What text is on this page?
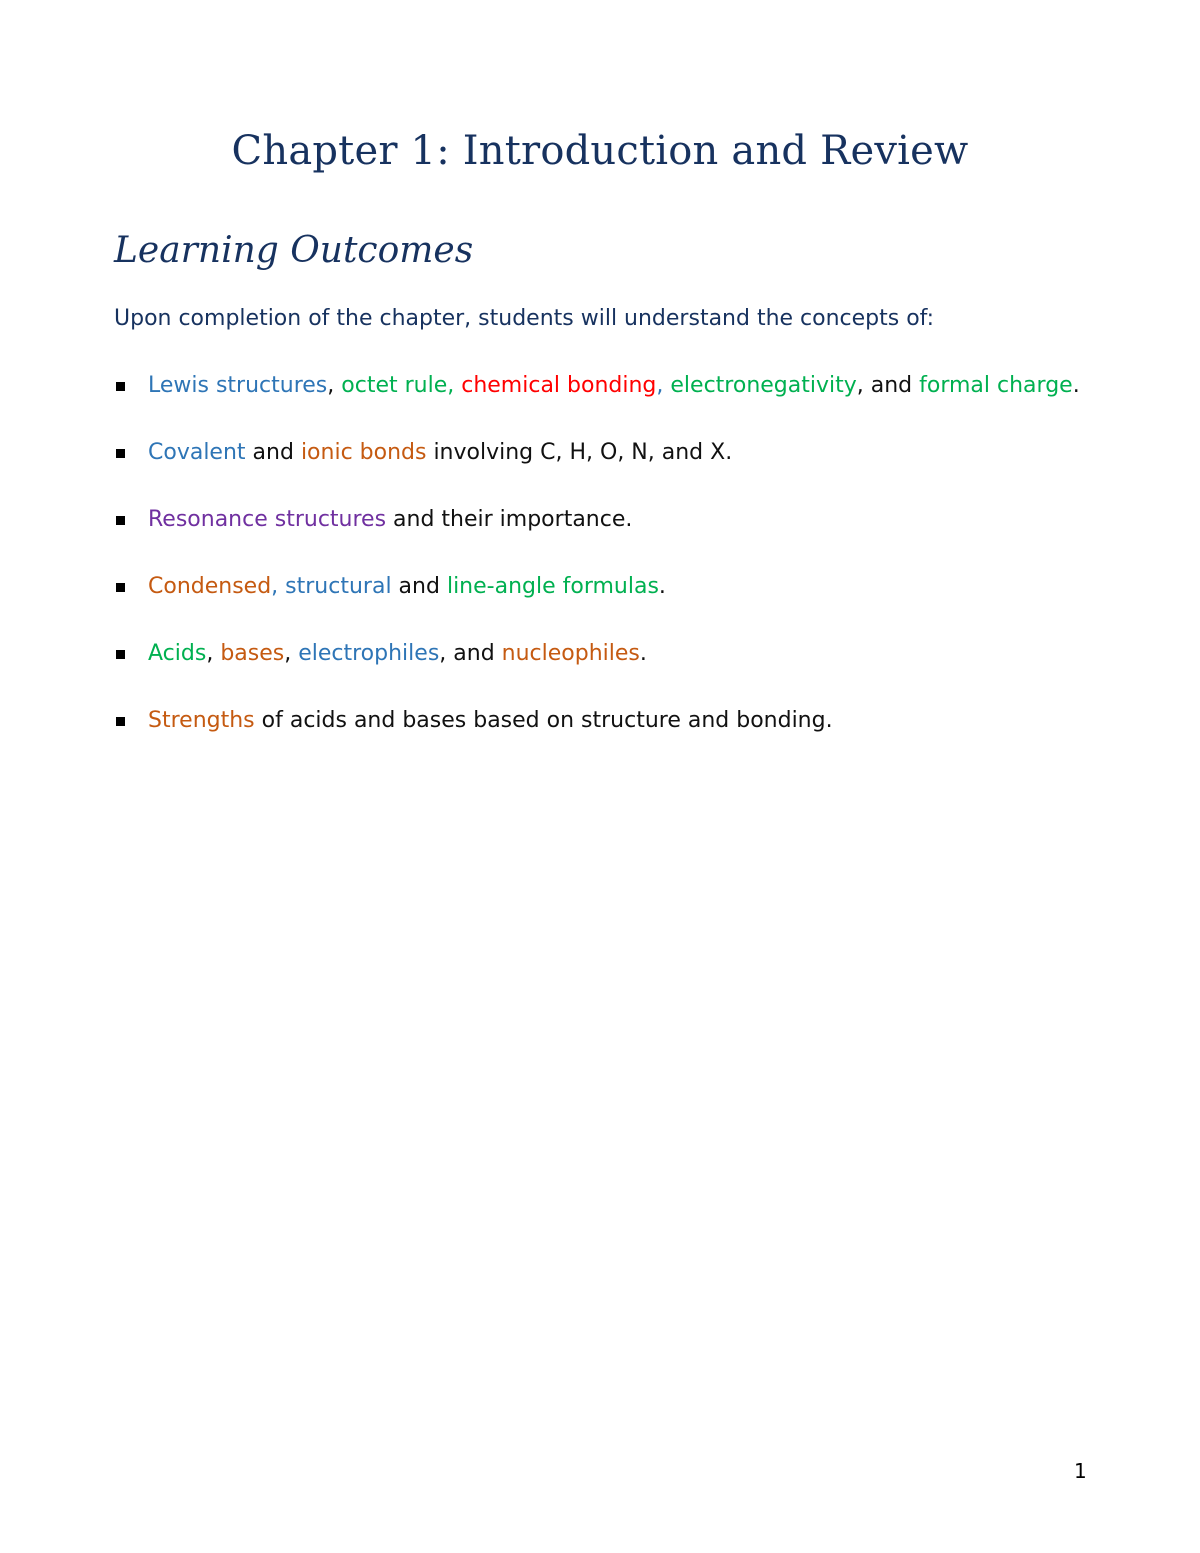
Chapter 1: Introduction and Review
Learning Outcomes
Upon completion of the chapter, students will understand the concepts of:
Lewis structures, octet rule, chemical bonding, electronegativity, and formal charge.
Covalent and ionic bonds involving C, H, O, N, and X.
Resonance structures and their importance.
Condensed, structural and line-angle formulas.
Acids, bases, electrophiles, and nucleophiles.
Strengths of acids and bases based on structure and bonding.
1
